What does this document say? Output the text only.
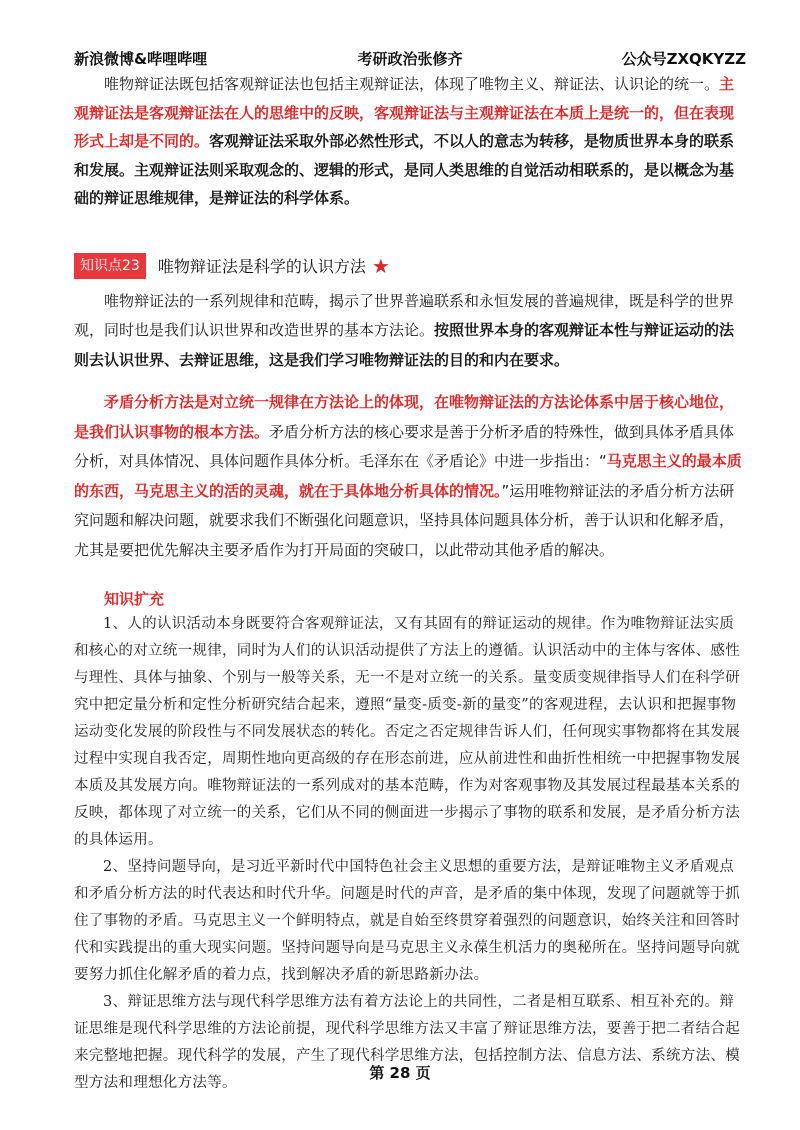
新浪微博&哔哩哔哩	考研政治张修齐	公众号ZXQKYZZ

唯物辩证法既包括客观辩证法也包括主观辩证法，体现了唯物主义、辩证法、认识论的统一。主观辩证法是客观辩证法在人的思维中的反映，客观辩证法与主观辩证法在本质上是统一的，但在表现形式上却是不同的。客观辩证法采取外部必然性形式，不以人的意志为转移，是物质世界本身的联系和发展。主观辩证法则采取观念的、逻辑的形式，是同人类思维的自觉活动相联系的，是以概念为基础的辩证思维规律，是辩证法的科学体系。

知识点23	唯物辩证法是科学的认识方法 ★

唯物辩证法的一系列规律和范畴，揭示了世界普遍联系和永恒发展的普遍规律，既是科学的世界观，同时也是我们认识世界和改造世界的基本方法论。按照世界本身的客观辩证本性与辩证运动的法则去认识世界、去辩证思维，这是我们学习唯物辩证法的目的和内在要求。

矛盾分析方法是对立统一规律在方法论上的体现，在唯物辩证法的方法论体系中居于核心地位，是我们认识事物的根本方法。矛盾分析方法的核心要求是善于分析矛盾的特殊性，做到具体矛盾具体分析，对具体情况、具体问题作具体分析。毛泽东在《矛盾论》中进一步指出：“马克思主义的最本质的东西，马克思主义的活的灵魂，就在于具体地分析具体的情况。”运用唯物辩证法的矛盾分析方法研究问题和解决问题，就要求我们不断强化问题意识，坚持具体问题具体分析，善于认识和化解矛盾，尤其是要把优先解决主要矛盾作为打开局面的突破口，以此带动其他矛盾的解决。

知识扩充

1、人的认识活动本身既要符合客观辩证法，又有其固有的辩证运动的规律。作为唯物辩证法实质和核心的对立统一规律，同时为人们的认识活动提供了方法上的遵循。认识活动中的主体与客体、感性与理性、具体与抽象、个别与一般等关系，无一不是对立统一的关系。量变质变规律指导人们在科学研究中把定量分析和定性分析研究结合起来，遵照“量变-质变-新的量变”的客观进程，去认识和把握事物运动变化发展的阶段性与不同发展状态的转化。否定之否定规律告诉人们，任何现实事物都将在其发展过程中实现自我否定，周期性地向更高级的存在形态前进，应从前进性和曲折性相统一中把握事物发展本质及其发展方向。唯物辩证法的一系列成对的基本范畴，作为对客观事物及其发展过程最基本关系的反映，都体现了对立统一的关系，它们从不同的侧面进一步揭示了事物的联系和发展，是矛盾分析方法的具体运用。

2、坚持问题导向，是习近平新时代中国特色社会主义思想的重要方法，是辩证唯物主义矛盾观点和矛盾分析方法的时代表达和时代升华。问题是时代的声音，是矛盾的集中体现，发现了问题就等于抓住了事物的矛盾。马克思主义一个鲜明特点，就是自始至终贯穿着强烈的问题意识，始终关注和回答时代和实践提出的重大现实问题。坚持问题导向是马克思主义永葆生机活力的奥秘所在。坚持问题导向就要努力抓住化解矛盾的着力点，找到解决矛盾的新思路新办法。

3、辩证思维方法与现代科学思维方法有着方法论上的共同性，二者是相互联系、相互补充的。辩证思维是现代科学思维的方法论前提，现代科学思维方法又丰富了辩证思维方法，要善于把二者结合起来完整地把握。现代科学的发展，产生了现代科学思维方法，包括控制方法、信息方法、系统方法、模型方法和理想化方法等。

第 28 页
